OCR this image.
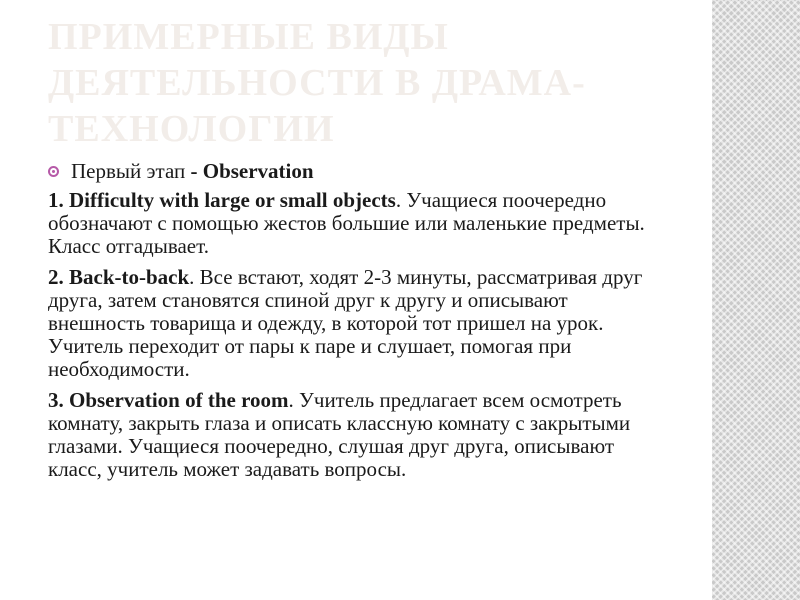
ПРИМЕРНЫЕ ВИДЫ ДЕЯТЕЛЬНОСТИ В ДРАМА-ТЕХНОЛОГИИ
Первый этап - Observation

1. Difficulty with large or small objects. Учащиеся поочередно обозначают с помощью жестов большие или маленькие предметы. Класс отгадывает.

2. Back-to-back. Все встают, ходят 2-3 минуты, рассматривая друг друга, затем становятся спиной друг к другу и описывают внешность товарища и одежду, в которой тот пришел на урок. Учитель переходит от пары к паре и слушает, помогая при необходимости.

3. Observation of the room. Учитель предлагает всем осмотреть комнату, закрыть глаза и описать классную комнату с закрытыми глазами. Учащиеся поочередно, слушая друг друга, описывают класс, учитель может задавать вопросы.
